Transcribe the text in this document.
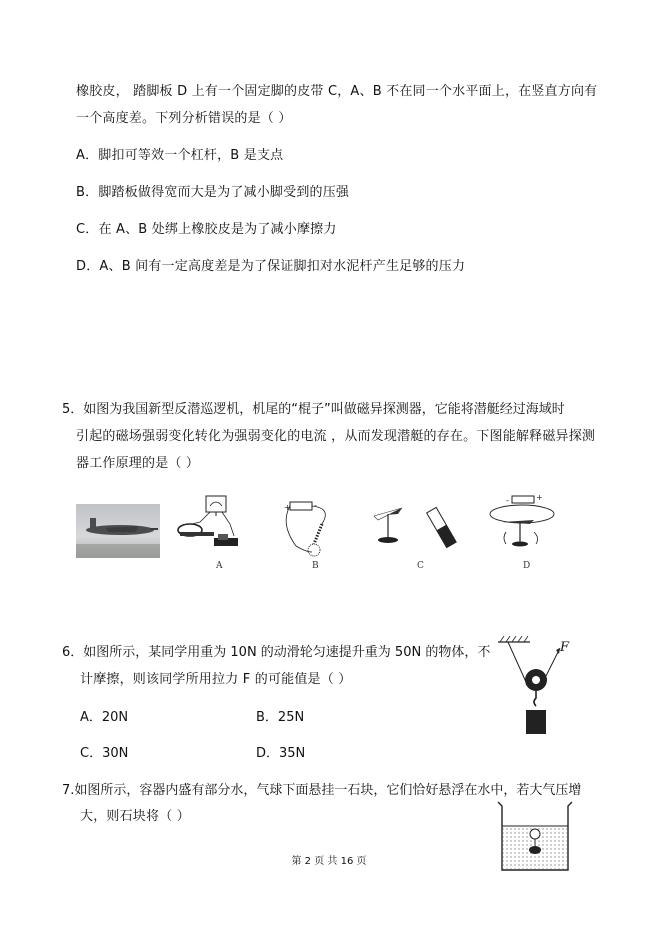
橡胶皮， 踏脚板 D 上有一个固定脚的皮带 C，A、B 不在同一个水平面上，在竖直方向有
一个高度差。下列分析错误的是（ ）
A．脚扣可等效一个杠杆，B 是支点
B．脚踏板做得宽而大是为了减小脚受到的压强
C．在 A、B 处绑上橡胶皮是为了减小摩擦力
D．A、B 间有一定高度差是为了保证脚扣对水泥杆产生足够的压力
5．如图为我国新型反潜巡逻机，机尾的“棍子”叫做磁异探测器，它能将潜艇经过海域时
引起的磁场强弱变化转化为强弱变化的电流 ，从而发现潜艇的存在。下图能解释磁异探测
器工作原理的是（ ）
A
+	-
B	C
-	+
D
6．如图所示，某同学用重为 10N 的动滑轮匀速提升重为 50N 的物体，不
计摩擦，则该同学所用拉力 F 的可能值是（ ）
A．20N	B．25N
C．30N	D．35N
F
7.如图所示，容器内盛有部分水，气球下面悬挂一石块，它们恰好悬浮在水中，若大气压增
大，则石块将（ ）
第 2 页 共 16 页
